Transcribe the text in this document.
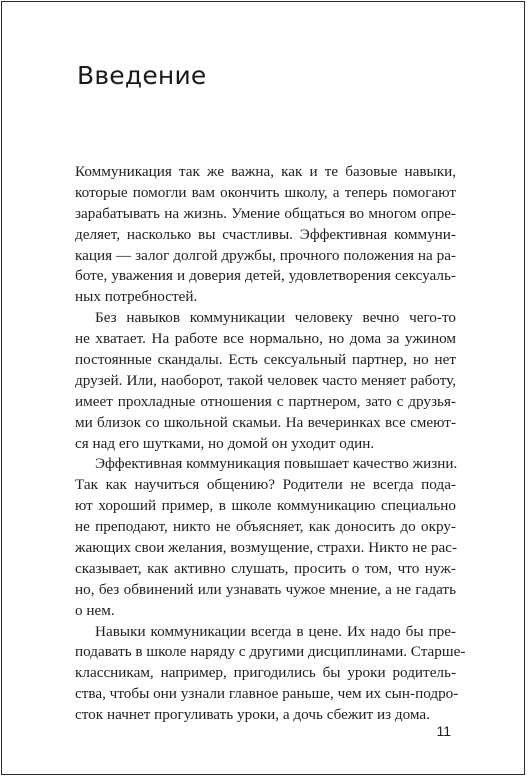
Введение

Коммуникация так же важна, как и те базовые навыки,
которые помогли вам окончить школу, а теперь помогают
зарабатывать на жизнь. Умение общаться во многом опре-
деляет, насколько вы счастливы. Эффективная коммуни-
кация — залог долгой дружбы, прочного положения на ра-
боте, уважения и доверия детей, удовлетворения сексуаль-
ных потребностей.

Без навыков коммуникации человеку вечно чего-то
не хватает. На работе все нормально, но дома за ужином
постоянные скандалы. Есть сексуальный партнер, но нет
друзей. Или, наоборот, такой человек часто меняет работу,
имеет прохладные отношения с партнером, зато с друзья-
ми близок со школьной скамьи. На вечеринках все смеют-
ся над его шутками, но домой он уходит один.

Эффективная коммуникация повышает качество жизни.
Так как научиться общению? Родители не всегда пода-
ют хороший пример, в школе коммуникацию специально
не преподают, никто не объясняет, как доносить до окру-
жающих свои желания, возмущение, страхи. Никто не рас-
сказывает, как активно слушать, просить о том, что нуж-
но, без обвинений или узнавать чужое мнение, а не гадать
о нем.

Навыки коммуникации всегда в цене. Их надо бы пре-
подавать в школе наряду с другими дисциплинами. Старше-
классникам, например, пригодились бы уроки родитель-
ства, чтобы они узнали главное раньше, чем их сын-подро-
сток начнет прогуливать уроки, а дочь сбежит из дома.

11
